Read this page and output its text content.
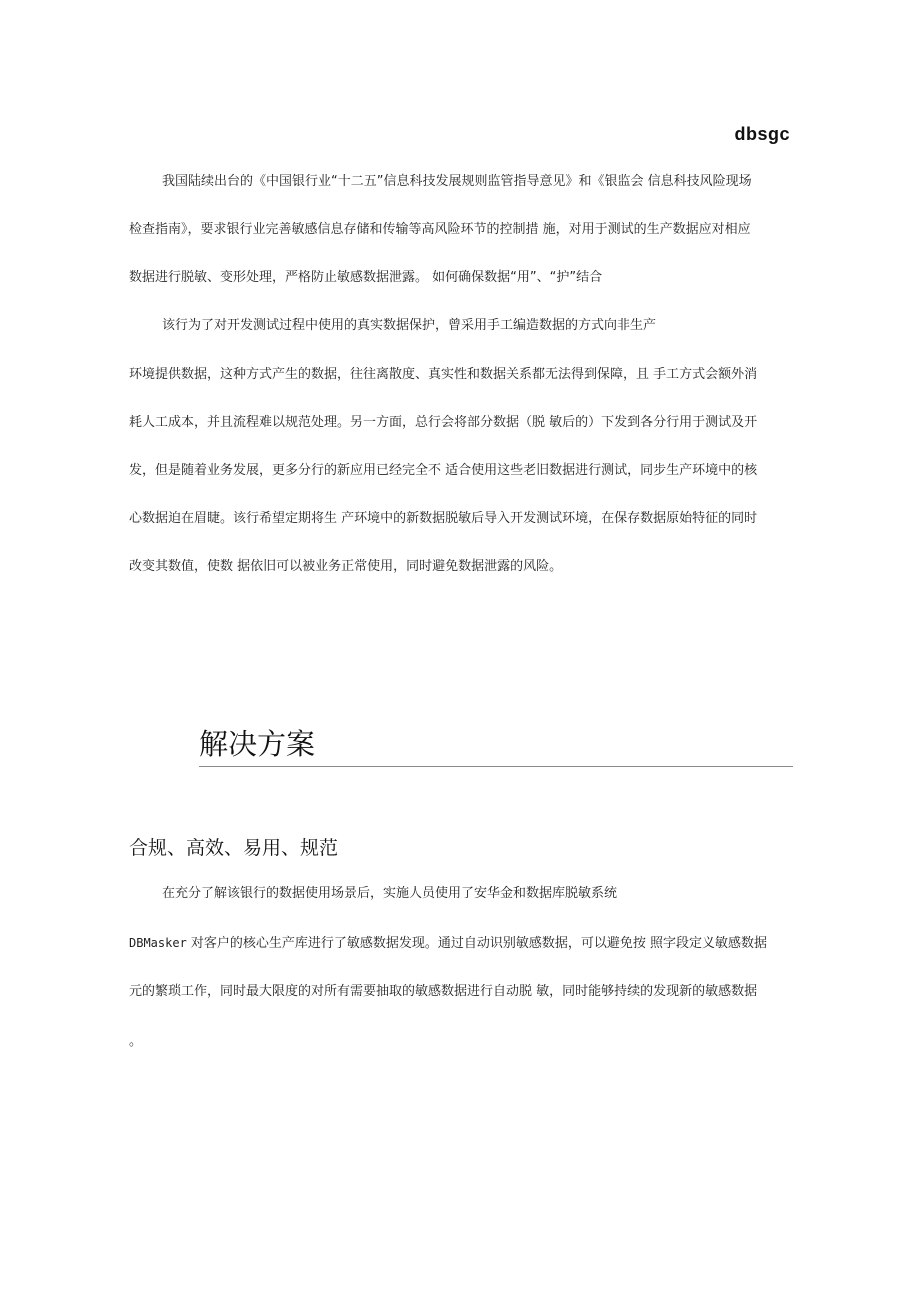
dbsgc
我国陆续出台的《中国银行业“十二五”信息科技发展规则监管指导意见》和《银监会 信息科技风险现场
检查指南》，要求银行业完善敏感信息存储和传输等高风险环节的控制措 施，对用于测试的生产数据应对相应
数据进行脱敏、变形处理，严格防止敏感数据泄露。 如何确保数据“用”、“护”结合
该行为了对开发测试过程中使用的真实数据保护，曾采用手工编造数据的方式向非生产
环境提供数据，这种方式产生的数据，往往离散度、真实性和数据关系都无法得到保障，且 手工方式会额外消
耗人工成本，并且流程难以规范处理。另一方面，总行会将部分数据（脱 敏后的）下发到各分行用于测试及开
发，但是随着业务发展，更多分行的新应用已经完全不 适合使用这些老旧数据进行测试，同步生产环境中的核
心数据迫在眉睫。该行希望定期将生 产环境中的新数据脱敏后导入开发测试环境，在保存数据原始特征的同时
改变其数值，使数 据依旧可以被业务正常使用，同时避免数据泄露的风险。
解决方案
合规、高效、易用、规范
在充分了解该银行的数据使用场景后，实施人员使用了安华金和数据库脱敏系统
DBMasker 对客户的核心生产库进行了敏感数据发现。通过自动识别敏感数据，可以避免按 照字段定义敏感数据
元的繁琐工作，同时最大限度的对所有需要抽取的敏感数据进行自动脱 敏，同时能够持续的发现新的敏感数据
。
